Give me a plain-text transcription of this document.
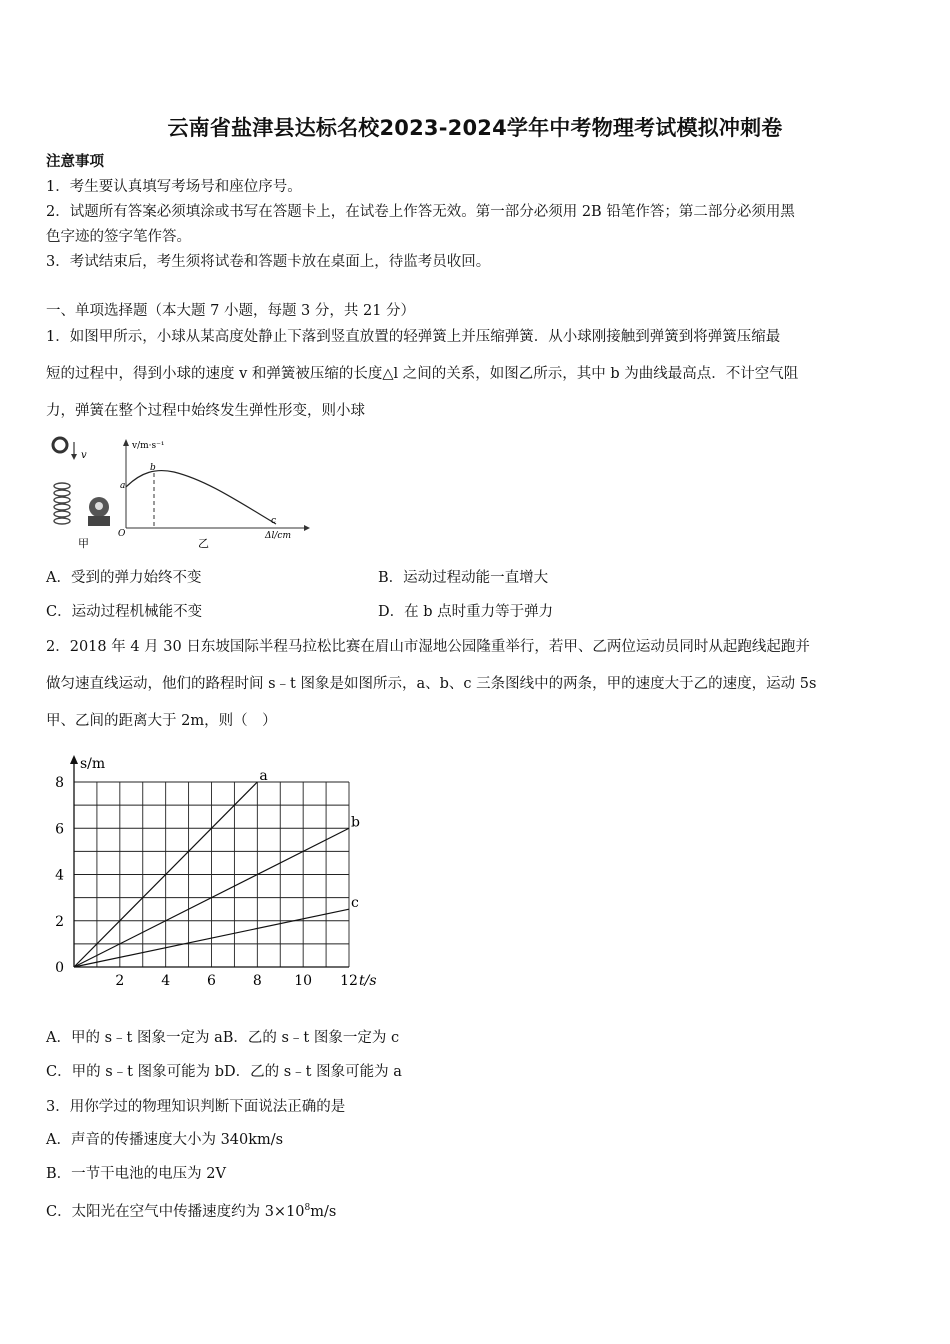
云南省盐津县达标名校2023-2024学年中考物理考试模拟冲刺卷
注意事项
1．考生要认真填写考场号和座位序号。
2．试题所有答案必须填涂或书写在答题卡上，在试卷上作答无效。第一部分必须用 2B 铅笔作答；第二部分必须用黑
色字迹的签字笔作答。
3．考试结束后，考生须将试卷和答题卡放在桌面上，待监考员收回。
一、单项选择题（本大题 7 小题，每题 3 分，共 21 分）
1．如图甲所示，小球从某高度处静止下落到竖直放置的轻弹簧上并压缩弹簧．从小球刚接触到弹簧到将弹簧压缩最
短的过程中，得到小球的速度 v 和弹簧被压缩的长度△l 之间的关系，如图乙所示，其中 b 为曲线最高点．不计空气阻
力，弹簧在整个过程中始终发生弹性形变，则小球
v
甲
v/m·s⁻¹
Δl/cm
O
a
b
c
乙
A．受到的弹力始终不变	B．运动过程动能一直增大
C．运动过程机械能不变	D．在 b 点时重力等于弹力
2．2018 年 4 月 30 日东坡国际半程马拉松比赛在眉山市湿地公园隆重举行，若甲、乙两位运动员同时从起跑线起跑并
做匀速直线运动，他们的路程时间 s﹣t 图象是如图所示，a、b、c 三条图线中的两条，甲的速度大于乙的速度，运动 5s
甲、乙间的距离大于 2m，则（　）
a
b
c
2	4	6	8 10 12
0
2
4
6
8
s/m
t/s
A．甲的 s﹣t 图象一定为 aB．乙的 s﹣t 图象一定为 c
C．甲的 s﹣t 图象可能为 bD．乙的 s﹣t 图象可能为 a
3．用你学过的物理知识判断下面说法正确的是
A．声音的传播速度大小为 340km/s
B．一节干电池的电压为 2V
C．太阳光在空气中传播速度约为 $3\times 10^8m/s$
